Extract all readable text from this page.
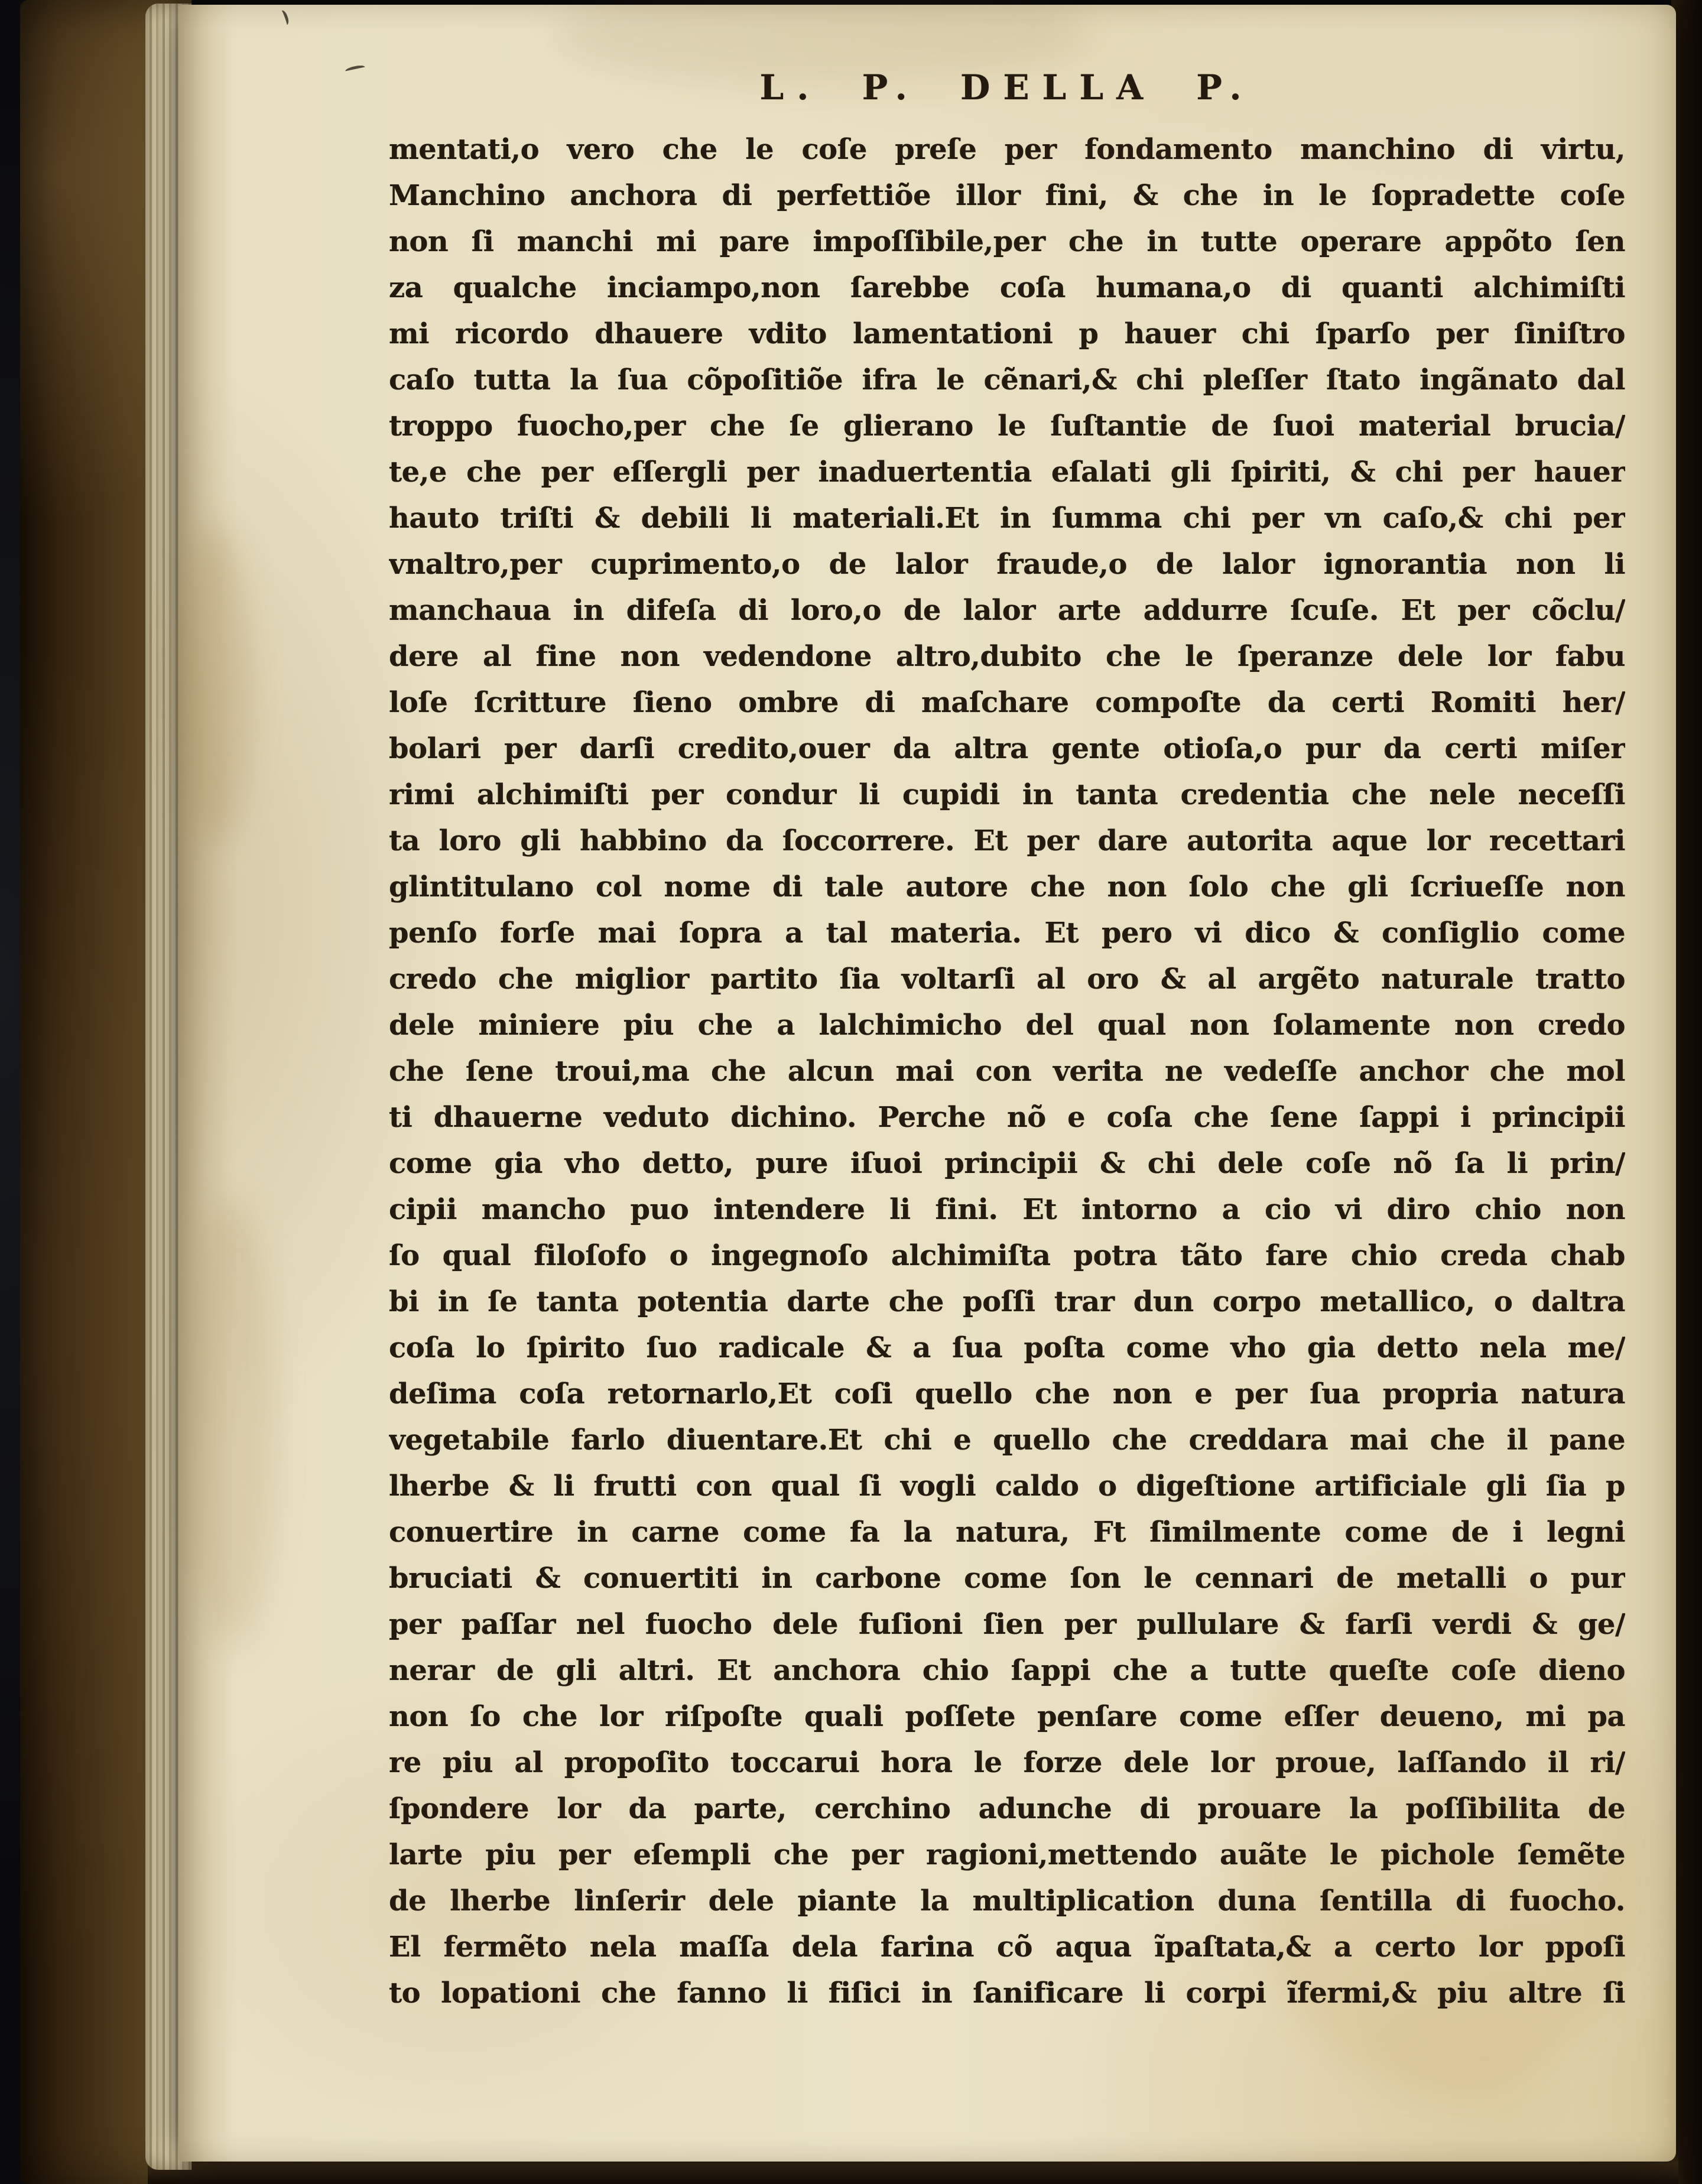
L. P. DELLA P.
mentati,o vero che le coſe preſe per fondamento manchino di virtu,
Manchino anchora di perfettiõe illor fini, & che in le ſopradette coſe
non ſi manchi mi pare impoſſibile,per che in tutte operare appõto ſen
za qualche inciampo,non ſarebbe coſa humana,o di quanti alchimiſti
mi ricordo dhauere vdito lamentationi p hauer chi ſparſo per ſiniſtro
caſo tutta la ſua cõpoſitiõe ifra le cẽnari,& chi pleſſer ſtato ingãnato dal
troppo fuocho,per che ſe glierano le ſuſtantie de ſuoi material brucia/
te,e che per eſſergli per inaduertentia eſalati gli ſpiriti, & chi per hauer
hauto triſti & debili li materiali.Et in ſumma chi per vn caſo,& chi per
vnaltro,per cuprimento,o de lalor fraude,o de lalor ignorantia non li
manchaua in difeſa di loro,o de lalor arte addurre ſcuſe. Et per cõclu/
dere al fine non vedendone altro,dubito che le ſperanze dele lor fabu
loſe ſcritture ſieno ombre di maſchare compoſte da certi Romiti her/
bolari per darſi credito,ouer da altra gente otioſa,o pur da certi miſer
rimi alchimiſti per condur li cupidi in tanta credentia che nele neceſſi
ta loro gli habbino da ſoccorrere. Et per dare autorita aque lor recettari
glintitulano col nome di tale autore che non ſolo che gli ſcriueſſe non
penſo forſe mai ſopra a tal materia. Et pero vi dico & conſiglio come
credo che miglior partito ſia voltarſi al oro & al argẽto naturale tratto
dele miniere piu che a lalchimicho del qual non ſolamente non credo
che ſene troui,ma che alcun mai con verita ne vedeſſe anchor che mol
ti dhauerne veduto dichino. Perche nõ e coſa che ſene ſappi i principii
come gia vho detto, pure iſuoi principii & chi dele coſe nõ ſa li prin/
cipii mancho puo intendere li fini. Et intorno a cio vi diro chio non
ſo qual filoſofo o ingegnoſo alchimiſta potra tãto fare chio creda chab
bi in ſe tanta potentia darte che poſſi trar dun corpo metallico, o daltra
coſa lo ſpirito ſuo radicale & a ſua poſta come vho gia detto nela me/
deſima coſa retornarlo,Et coſi quello che non e per ſua propria natura
vegetabile farlo diuentare.Et chi e quello che creddara mai che il pane
lherbe & li frutti con qual ſi vogli caldo o digeſtione artificiale gli ſia p
conuertire in carne come fa la natura, Ft ſimilmente come de i legni
bruciati & conuertiti in carbone come ſon le cennari de metalli o pur
per paſſar nel fuocho dele fuſioni ſien per pullulare & farſi verdi & ge/
nerar de gli altri. Et anchora chio ſappi che a tutte queſte coſe dieno
non ſo che lor riſpoſte quali poſſete penſare come eſſer deueno, mi pa
re piu al propoſito toccarui hora le forze dele lor proue, laſſando il ri/
ſpondere lor da parte, cerchino adunche di prouare la poſſibilita de
larte piu per eſempli che per ragioni,mettendo auãte le pichole ſemẽte
de lherbe linſerir dele piante la multiplication duna ſentilla di fuocho.
El fermẽto nela maſſa dela farina cõ aqua ĩpaſtata,& a certo lor ppoſi
to lopationi che fanno li fiſici in ſanificare li corpi ĩfermi,& piu altre ſi
